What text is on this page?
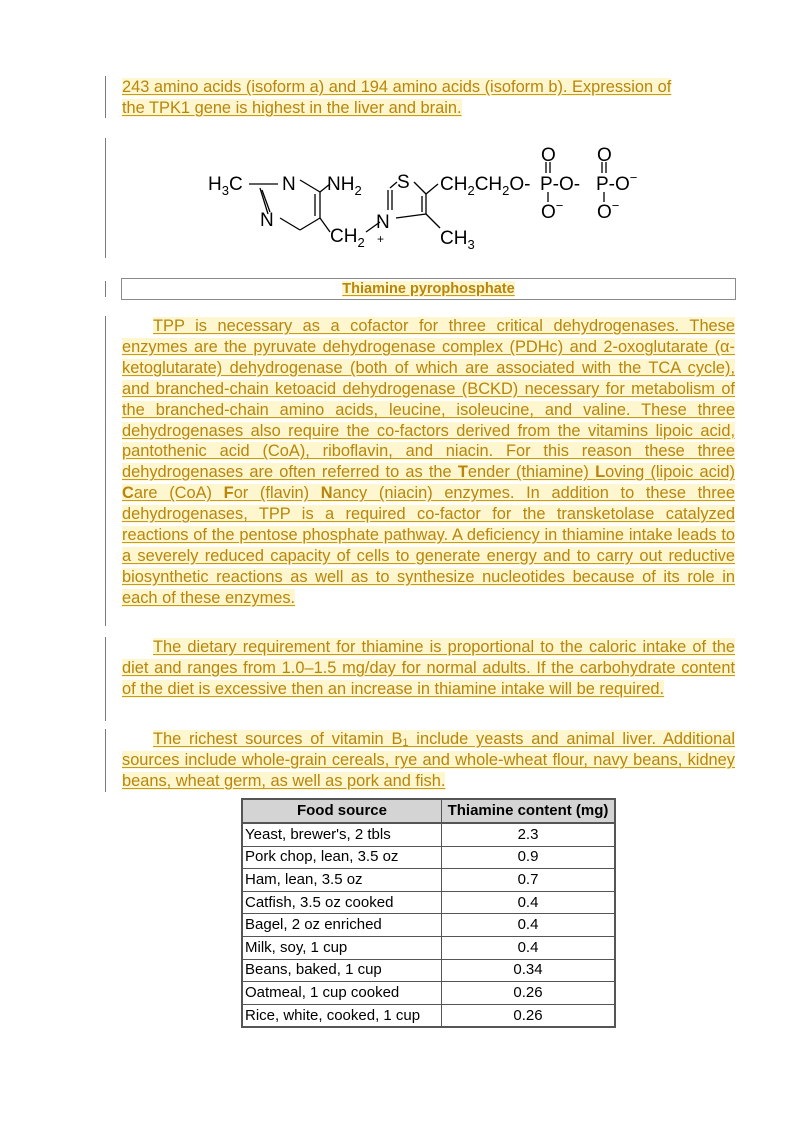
243 amino acids (isoform a) and 194 amino acids (isoform b). Expression of
the TPK1 gene is highest in the liver and brain.
$H_3C$ N $NH_2$
N
$CH_2$
S
N
+	$CH_3$
$CH_2CH_2O-$ P-O- P-O−
O O
O− O−
Thiamine pyrophosphate
TPP is necessary as a cofactor for three critical dehydrogenases. These enzymes are the pyruvate dehydrogenase complex (PDHc) and 2-oxoglutarate (α-ketoglutarate) dehydrogenase (both of which are associated with the TCA cycle), and branched-chain ketoacid dehydrogenase (BCKD) necessary for metabolism of the branched-chain amino acids, leucine, isoleucine, and valine. These three dehydrogenases also require the co-factors derived from the vitamins lipoic acid, pantothenic acid (CoA), riboflavin, and niacin. For this reason these three dehydrogenases are often referred to as the Tender (thiamine) Loving (lipoic acid) Care (CoA) For (flavin) Nancy (niacin) enzymes. In addition to these three dehydrogenases, TPP is a required co-factor for the transketolase catalyzed reactions of the pentose phosphate pathway. A deficiency in thiamine intake leads to a severely reduced capacity of cells to generate energy and to carry out reductive biosynthetic reactions as well as to synthesize nucleotides because of its role in each of these enzymes.
The dietary requirement for thiamine is proportional to the caloric intake of the diet and ranges from 1.0–1.5 mg/day for normal adults. If the carbohydrate content of the diet is excessive then an increase in thiamine intake will be required.
The richest sources of vitamin $B_1$ include yeasts and animal liver. Additional sources include whole-grain cereals, rye and whole-wheat flour, navy beans, kidney beans, wheat germ, as well as pork and fish.
Food source	Thiamine content (mg)
Yeast, brewer's, 2 tbls	2.3
Pork chop, lean, 3.5 oz	0.9
Ham, lean, 3.5 oz	0.7
Catfish, 3.5 oz cooked	0.4
Bagel, 2 oz enriched	0.4
Milk, soy, 1 cup	0.4
Beans, baked, 1 cup	0.34
Oatmeal, 1 cup cooked	0.26
Rice, white, cooked, 1 cup	0.26
